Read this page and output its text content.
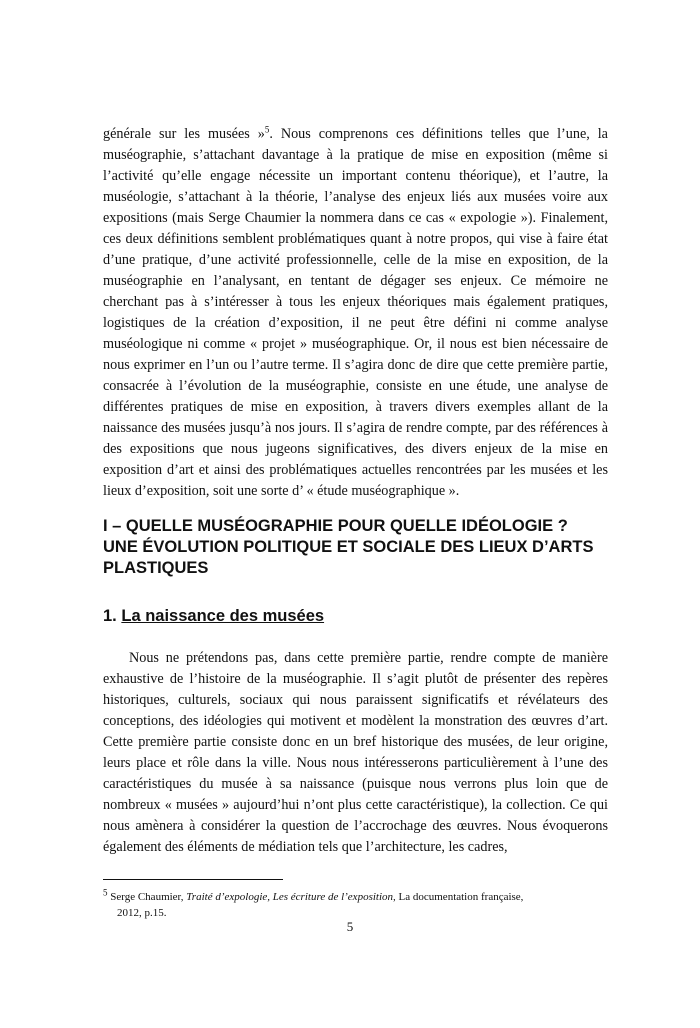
générale sur les musées »$^5$. Nous comprenons ces définitions telles que l’une, la muséographie, s’attachant davantage à la pratique de mise en exposition (même si l’activité qu’elle engage nécessite un important contenu théorique), et l’autre, la muséologie, s’attachant à la théorie, l’analyse des enjeux liés aux musées voire aux expositions (mais Serge Chaumier la nommera dans ce cas « expologie »). Finalement, ces deux définitions semblent problématiques quant à notre propos, qui vise à faire état d’une pratique, d’une activité professionnelle, celle de la mise en exposition, de la muséographie en l’analysant, en tentant de dégager ses enjeux. Ce mémoire ne cherchant pas à s’intéresser à tous les enjeux théoriques mais également pratiques, logistiques de la création d’exposition, il ne peut être défini ni comme analyse muséologique ni comme « projet » muséographique. Or, il nous est bien nécessaire de nous exprimer en l’un ou l’autre terme. Il s’agira donc de dire que cette première partie, consacrée à l’évolution de la muséographie, consiste en une étude, une analyse de différentes pratiques de mise en exposition, à travers divers exemples allant de la naissance des musées jusqu’à nos jours. Il s’agira de rendre compte, par des références à des expositions que nous jugeons significatives, des divers enjeux de la mise en exposition d’art et ainsi des problématiques actuelles rencontrées par les musées et les lieux d’exposition, soit une sorte d’ « étude muséographique ».

I – QUELLE MUSÉOGRAPHIE POUR QUELLE IDÉOLOGIE ?
UNE ÉVOLUTION POLITIQUE ET SOCIALE DES LIEUX D’ARTS
PLASTIQUES
1. La naissance des musées

Nous ne prétendons pas, dans cette première partie, rendre compte de manière exhaustive de l’histoire de la muséographie. Il s’agit plutôt de présenter des repères historiques, culturels, sociaux qui nous paraissent significatifs et révélateurs des conceptions, des idéologies qui motivent et modèlent la monstration des œuvres d’art. Cette première partie consiste donc en un bref historique des musées, de leur origine, leurs place et rôle dans la ville. Nous nous intéresserons particulièrement à l’une des caractéristiques du musée à sa naissance (puisque nous verrons plus loin que de nombreux « musées » aujourd’hui n’ont plus cette caractéristique), la collection. Ce qui nous amènera à considérer la question de l’accrochage des œuvres. Nous évoquerons également des éléments de médiation tels que l’architecture, les cadres,

$^5$ Serge Chaumier, Traité d’expologie, Les écriture de l’exposition, La documentation française,
2012, p.15.

5
